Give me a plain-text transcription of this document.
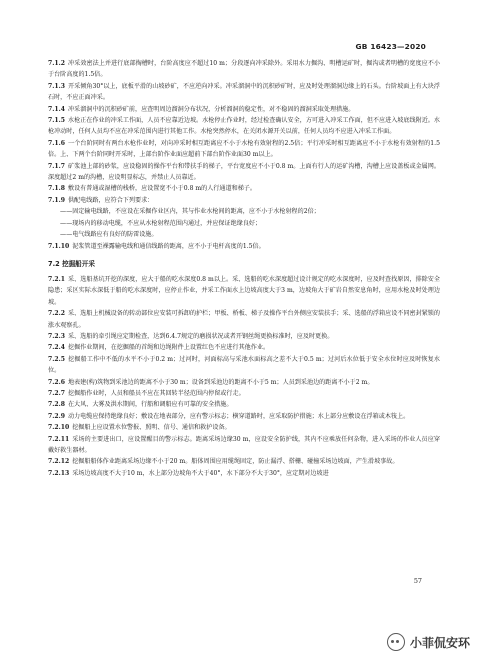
GB 16423—2020

7.1.2 冲采效密法上并进行底部掏槽时，台阶高度应不超过10 m；分段逐向冲采除外。采用水力掘沟、明槽运矿时，掘沟或者明槽的宽度应不小于台阶高度的1.5倍。

7.1.3 开采倾角30°以上，底板平滑的山坡砂矿，不应逆向冲采。冲采溜洞中的沉积砂矿时，应及时处理溜洞边缘上的石头。台阶坡面上有大块浮石时，不应正面冲采。

7.1.4 冲采溜洞中的沉积砂矿前，应查明周边溜洞分布状况，分析溜洞的稳定性，对不稳固的溜洞采取处理措施。

7.1.5 水枪正在作业的冲采工作面，人员不应靠近边坡。水枪停止作业时，经过检查确认安全，方可进入冲采工作面，但不应进入坡底线附近。水枪冲动时，任何人员均不应在冲采范围内进行其他工作。水枪突然停水，在关闭水源开关以前，任何人员均不应进入冲采工作面。

7.1.6 一个台阶同时有两台水枪作业时，对向冲采时相互距离应不小于水枪有效射程的2.5倍；平行冲采时相互距离应不小于水枪有效射程的1.5倍。上、下两个台阶同时开采时，上部台阶作业面应超前下部台阶作业面30 m以上。

7.1.7 矿浆池上部的砂浆，应设稳固的操作平台和带扶手的梯子，平台宽度应不小于0.8 m。上面有行人的运矿沟槽，沟槽上应设盖板或金属网。深度超过2 m的沟槽，应设明显标志，并禁止人员靠近。

7.1.8 敷设有普通或湿槽的栈桥，应设置宽不小于0.8 m的人行通道和梯子。

7.1.9 供配电线路，应符合下列要求：

——固定输电线路，不应设在采掘作业区内，其与作业水枪间的距离，应不小于水枪射程的2倍；

——现场内的移动电缆，不应从水枪射程范围内通过，并应保证绝缘良好；

——电气线路应有良好的防雷设施。

7.1.10 泥浆管道至裸露输电线和通信线路的距离，应不小于电杆高度的1.5倍。

7.2 挖掘船开采

7.2.1 采、选船基坑开挖的深度，应大于船的吃水深度0.8 m以上。采、选船的吃水深度超过设计规定的吃水深度时，应及时查找原因，排除安全隐患；采区实际水深低于船的吃水深度时，应停止作业，并采工作面水上边坡高度大于3 m，边坡角大于矿岩自然安息角时，应用水枪及时处理边坡。

7.2.2 采、选船上机械设备的转动部位应安装可拆卸的护栏；甲板、桥板、梯子及操作平台外侧应安装扶手；采、选船的浮箱应设不同密封紧锁的涨水观察孔。

7.2.3 采、选船的牵引绳应定期检查，达到6.4.7规定的磨损状况或者开钢丝绳更换标准时，应及时更换。

7.2.4 挖掘作业期间，在挖掘船的首绳和边绳附件上设置红色不应进行其他作业。

7.2.5 挖掘船工作中不低的水平不小于0.2 m；过河时，河面标高与采池水面标高之差不大于0.5 m；过河后水位低于安全水位时应及时恢复水位。

7.2.6 地表建(构)筑物到采池边的距离不小于30 m；设备到采池边的距离不小于5 m；人员到采池边的距离不小于2 m。

7.2.7 挖掘船作业时，人员和船员不应在其回转半径范围内停留或行走。

7.2.8 在大风、大雾及洪水期间，行船和调船应有可靠的安全措施。

7.2.9 动力电缆应保持绝缘良好；敷设在地表部分，应有警示标志；横穿道路时，应采取防护措施；水上部分应敷设在浮箱或木筏上。

7.2.10 挖掘船上应设置水位警报、照明、信号、通信和救护设备。

7.2.11 采场的主要进出口，应设置醒目的警示标志。距离采场边缘30 m，应设安全防护线，其内不应乘放任何杂物，进入采场的作业人员应穿戴好救生器材。

7.2.12 挖掘船船体作业距离采场边缘不小于20 m。船体周围应用缆绳固定，防止漏浮、搭栅、碰撞采场边坡面，产生滑坡事故。

7.2.13 采场边坡高度不大于10 m，水上部分边坡角不大于40°，水下部分不大于30°，应定期对边坡进

57
小菲侃安环
